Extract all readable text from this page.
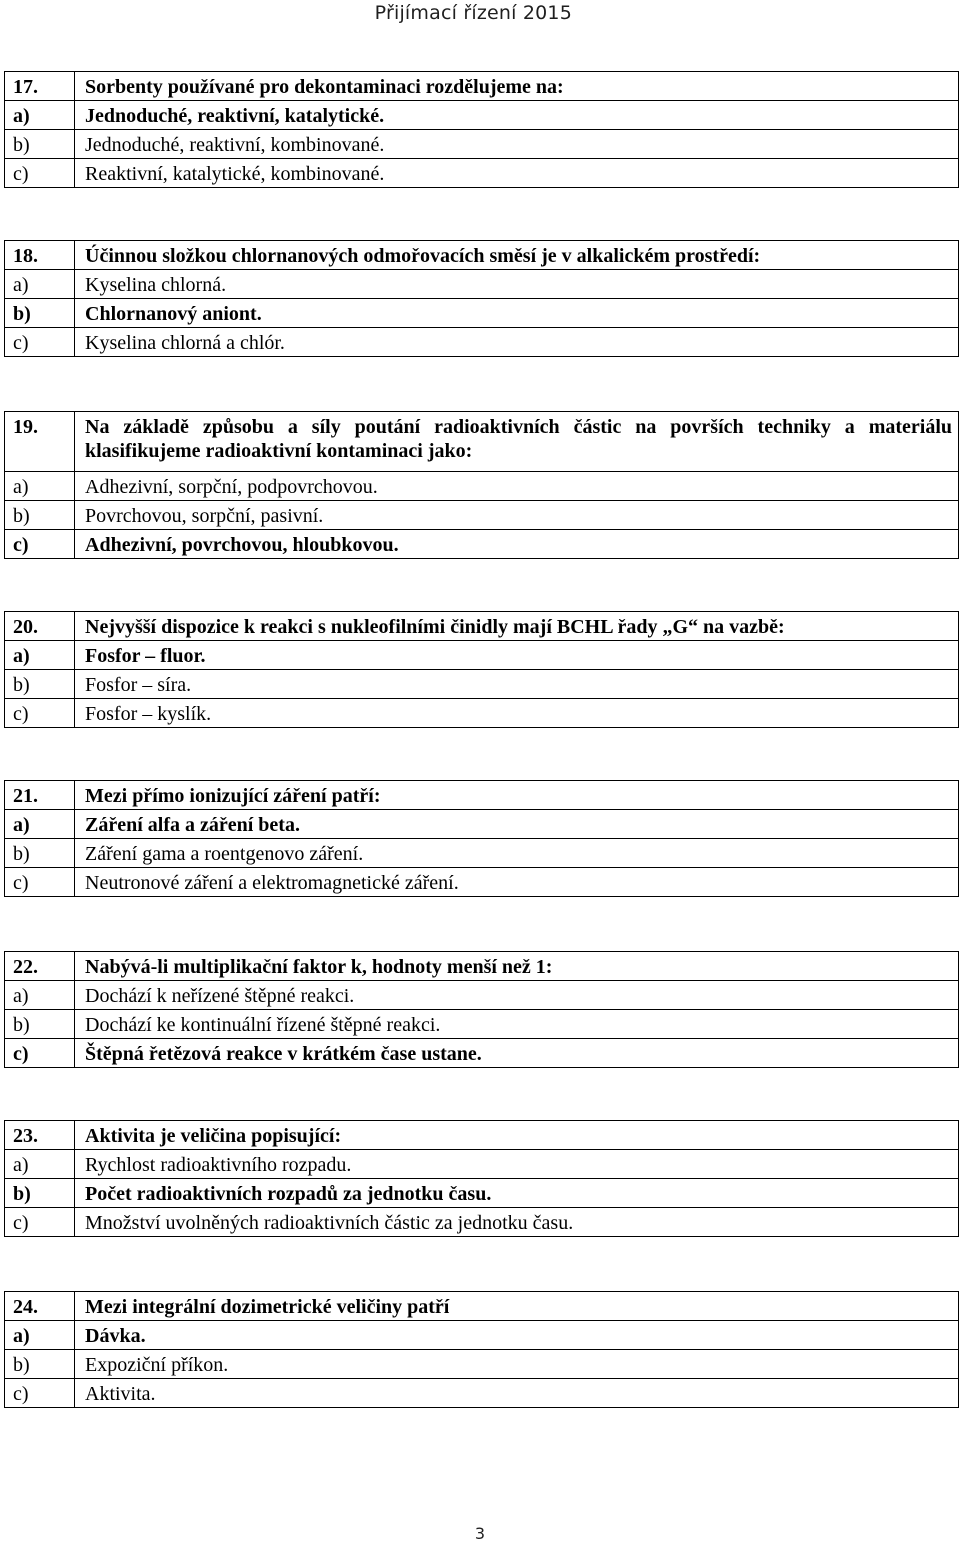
Přijímací řízení 2015
17.	Sorbenty používané pro dekontaminaci rozdělujeme na:
a)	Jednoduché, reaktivní, katalytické.
b)	Jednoduché, reaktivní, kombinované.
c)	Reaktivní, katalytické, kombinované.
18.	Účinnou složkou chlornanových odmořovacích směsí je v alkalickém prostředí:
a)	Kyselina chlorná.
b)	Chlornanový aniont.
c)	Kyselina chlorná a chlór.
19.	Na základě způsobu a síly poutání radioaktivních částic na površích techniky a materiálu klasifikujeme radioaktivní kontaminaci jako:
a)	Adhezivní, sorpční, podpovrchovou.
b)	Povrchovou, sorpční, pasivní.
c)	Adhezivní, povrchovou, hloubkovou.
20.	Nejvyšší dispozice k reakci s nukleofilními činidly mají BCHL řady „G“ na vazbě:
a)	Fosfor – fluor.
b)	Fosfor – síra.
c)	Fosfor – kyslík.
21.	Mezi přímo ionizující záření patří:
a)	Záření alfa a záření beta.
b)	Záření gama a roentgenovo záření.
c)	Neutronové záření a elektromagnetické záření.
22.	Nabývá-li multiplikační faktor k, hodnoty menší než 1:
a)	Dochází k neřízené štěpné reakci.
b)	Dochází ke kontinuální řízené štěpné reakci.
c)	Štěpná řetězová reakce v krátkém čase ustane.
23.	Aktivita je veličina popisující:
a)	Rychlost radioaktivního rozpadu.
b)	Počet radioaktivních rozpadů za jednotku času.
c)	Množství uvolněných radioaktivních částic za jednotku času.
24.	Mezi integrální dozimetrické veličiny patří
a)	Dávka.
b)	Expoziční příkon.
c)	Aktivita.
3
